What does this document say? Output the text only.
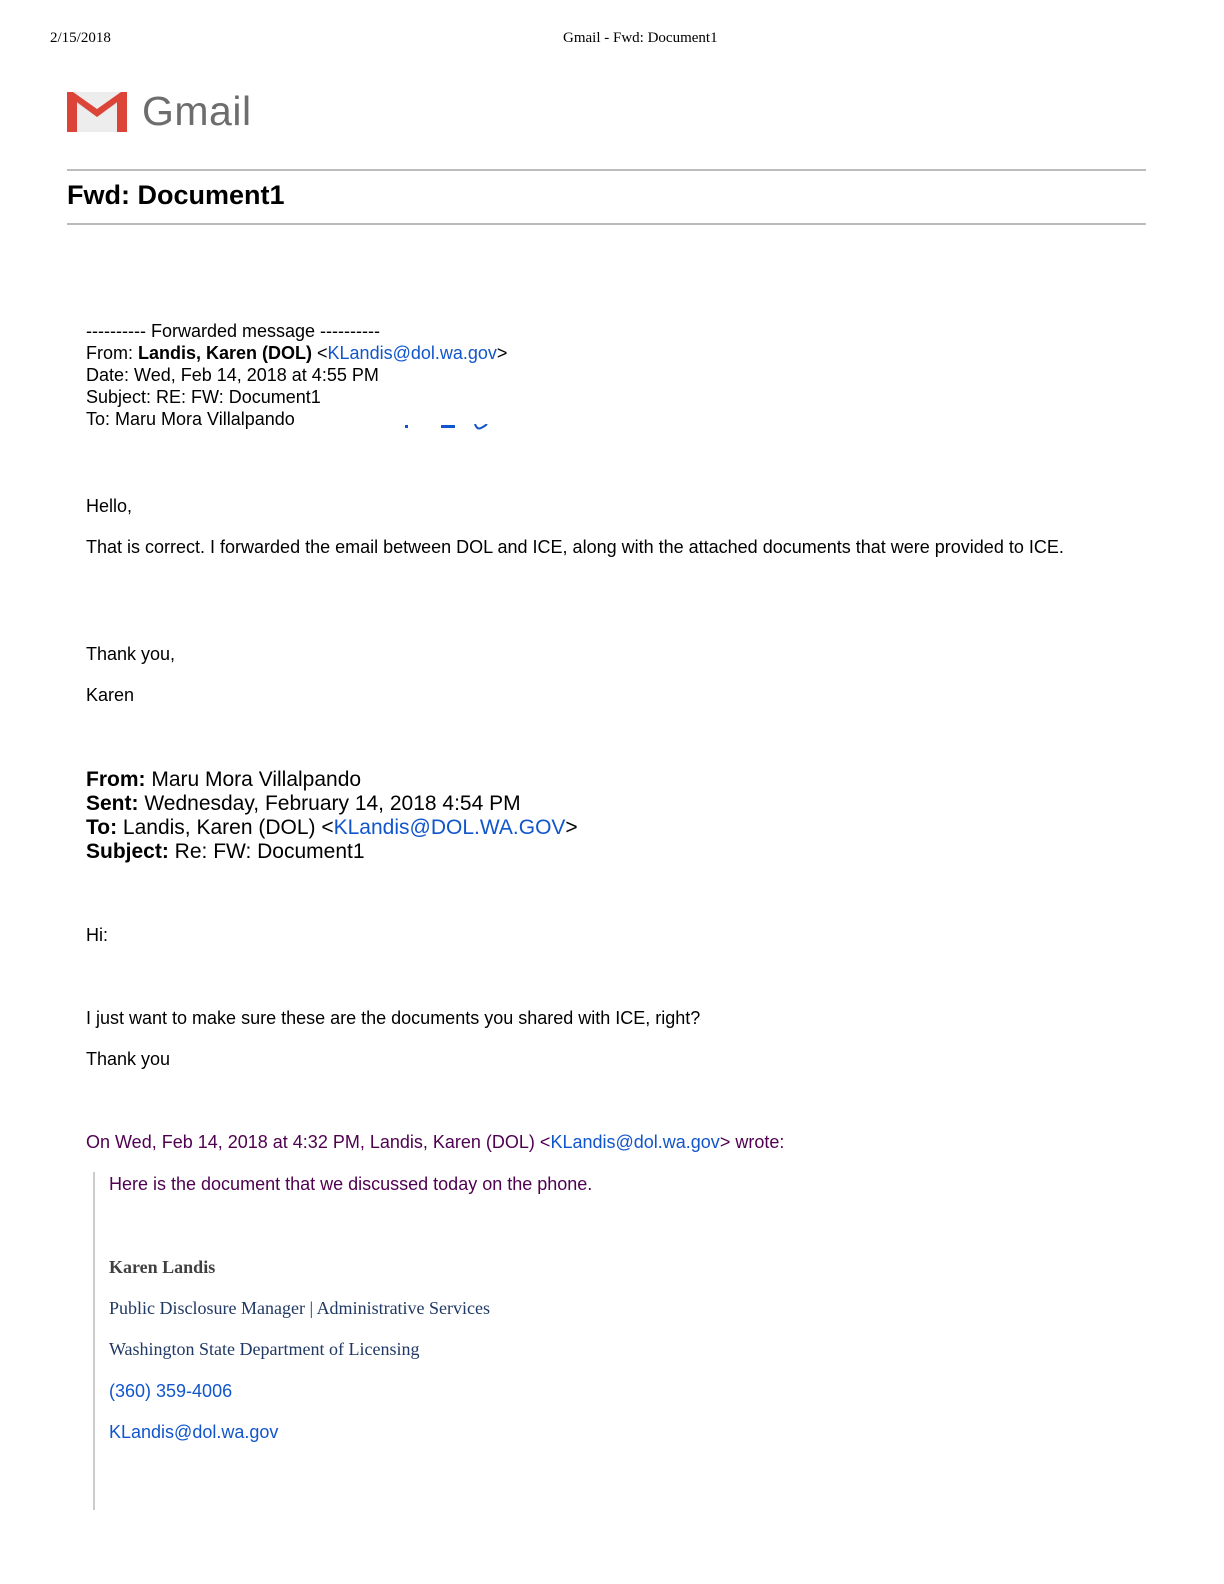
2/15/2018	Gmail - Fwd: Document1
Gmail
Fwd: Document1
---------- Forwarded message ----------
From: Landis, Karen (DOL) <KLandis@dol.wa.gov>
Date: Wed, Feb 14, 2018 at 4:55 PM
Subject: RE: FW: Document1
To: Maru Mora Villalpando
Hello,
That is correct. I forwarded the email between DOL and ICE, along with the attached documents that were provided to ICE.
Thank you,
Karen
From: Maru Mora Villalpando
Sent: Wednesday, February 14, 2018 4:54 PM
To: Landis, Karen (DOL) <KLandis@DOL.WA.GOV>
Subject: Re: FW: Document1
Hi:
I just want to make sure these are the documents you shared with ICE, right?
Thank you
On Wed, Feb 14, 2018 at 4:32 PM, Landis, Karen (DOL) <KLandis@dol.wa.gov> wrote:
Here is the document that we discussed today on the phone.
Karen Landis
Public Disclosure Manager | Administrative Services
Washington State Department of Licensing
(360) 359-4006
KLandis@dol.wa.gov
